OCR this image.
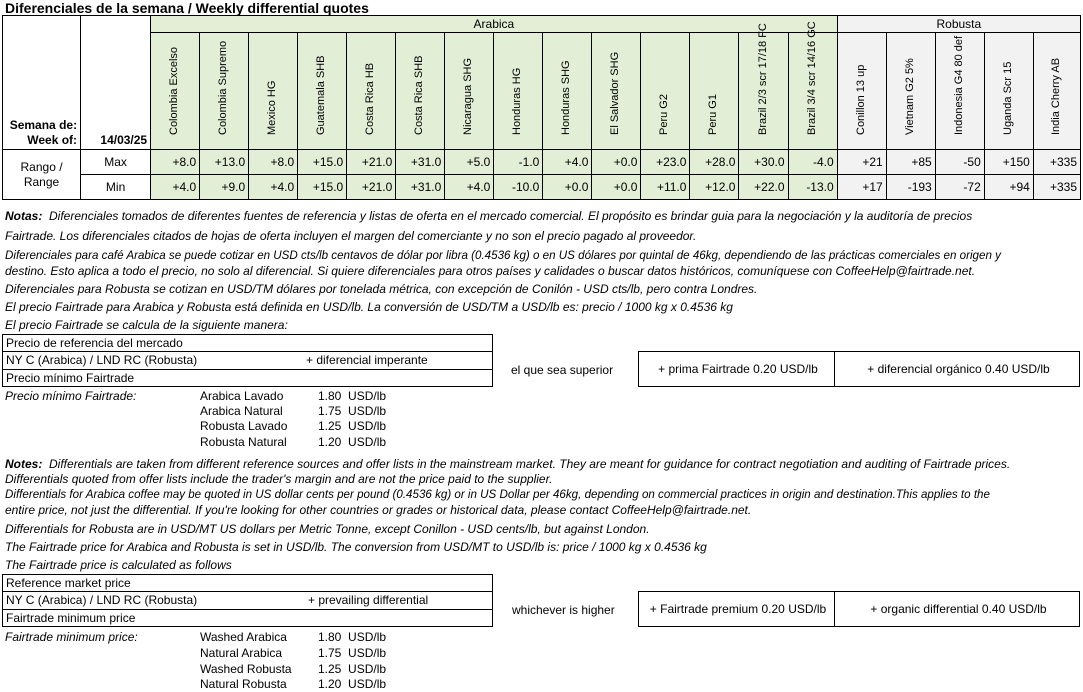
Diferenciales de la semana / Weekly differential quotes
Semana de:
Week of:	14/03/25	Arabica														Robusta				

		Colombia Excelso	Colombia Supremo	Mexico HG	Guatemala SHB	Costa Rica HB	Costa Rica SHB	Nicaragua SHG	Honduras HG	Honduras SHG	El Salvador SHG	Peru G2	Peru G1	Brazil 2/3 scr 17/18 FC	Brazil 3/4 scr 14/16 GC	Conillon 13 up	Vietnam G2 5%	Indonesia G4 80 def	Uganda Scr 15	India Cherry AB

Rango /
Range	Max	+8.0	+13.0	+8.0	+15.0	+21.0	+31.0	+5.0	-1.0	+4.0	+0.0	+23.0	+28.0	+30.0	-4.0	+21	+85	-50	+150	+335
	Min	+4.0	+9.0	+4.0	+15.0	+21.0	+31.0	+4.0	-10.0	+0.0	+0.0	+11.0	+12.0	+22.0	-13.0	+17	-193	-72	+94	+335
Notas: Diferenciales tomados de diferentes fuentes de referencia y listas de oferta en el mercado comercial. El propósito es brindar guia para la negociación y la auditoría de precios
Fairtrade. Los diferenciales citados de hojas de oferta incluyen el margen del comerciante y no son el precio pagado al proveedor.
Diferenciales para café Arabica se puede cotizar en USD cts/lb centavos de dólar por libra (0.4536 kg) o en US dólares por quintal de 46kg, dependiendo de las prácticas comerciales en origen y
destino. Esto aplica a todo el precio, no solo al diferencial. Si quiere diferenciales para otros países y calidades o buscar datos históricos, comuníquese con CoffeeHelp@fairtrade.net.
Diferenciales para Robusta se cotizan en USD/TM dólares por tonelada métrica, con excepción de Conilón - USD cts/lb, pero contra Londres.
El precio Fairtrade para Arabica y Robusta está definida en USD/lb. La conversión de USD/TM a USD/lb es: precio / 1000 kg x 0.4536 kg
El precio Fairtrade se calcula de la siguiente manera:
Precio de referencia del mercado
NY C (Arabica) / LND RC (Robusta)	+ diferencial imperante
Precio mínimo Fairtrade
el que sea superior	+ prima Fairtrade 0.20 USD/lb	+ diferencial orgánico 0.40 USD/lb
Precio mínimo Fairtrade:	Arabica Lavado	1.80 USD/lb
Arabica Natural	1.75 USD/lb
Robusta Lavado	1.25 USD/lb
Robusta Natural	1.20 USD/lb
Notes: Differentials are taken from different reference sources and offer lists in the mainstream market. They are meant for guidance for contract negotiation and auditing of Fairtrade prices.
Differentials quoted from offer lists include the trader's margin and are not the price paid to the supplier.
Differentials for Arabica coffee may be quoted in US dollar cents per pound (0.4536 kg) or in US Dollar per 46kg, depending on commercial practices in origin and destination.This applies to the
entire price, not just the differential. If you're looking for other countries or grades or historical data, please contact CoffeeHelp@fairtrade.net.
Differentials for Robusta are in USD/MT US dollars per Metric Tonne, except Conillon - USD cents/lb, but against London.
The Fairtrade price for Arabica and Robusta is set in USD/lb. The conversion from USD/MT to USD/lb is: price / 1000 kg x 0.4536 kg
The Fairtrade price is calculated as follows
Reference market price
NY C (Arabica) / LND RC (Robusta)	+ prevailing differential
Fairtrade minimum price
whichever is higher	+ Fairtrade premium 0.20 USD/lb	+ organic differential 0.40 USD/lb
Fairtrade minimum price:	Washed Arabica	1.80 USD/lb
Natural Arabica	1.75 USD/lb
Washed Robusta 1.25 USD/lb
Natural Robusta	1.20 USD/lb
